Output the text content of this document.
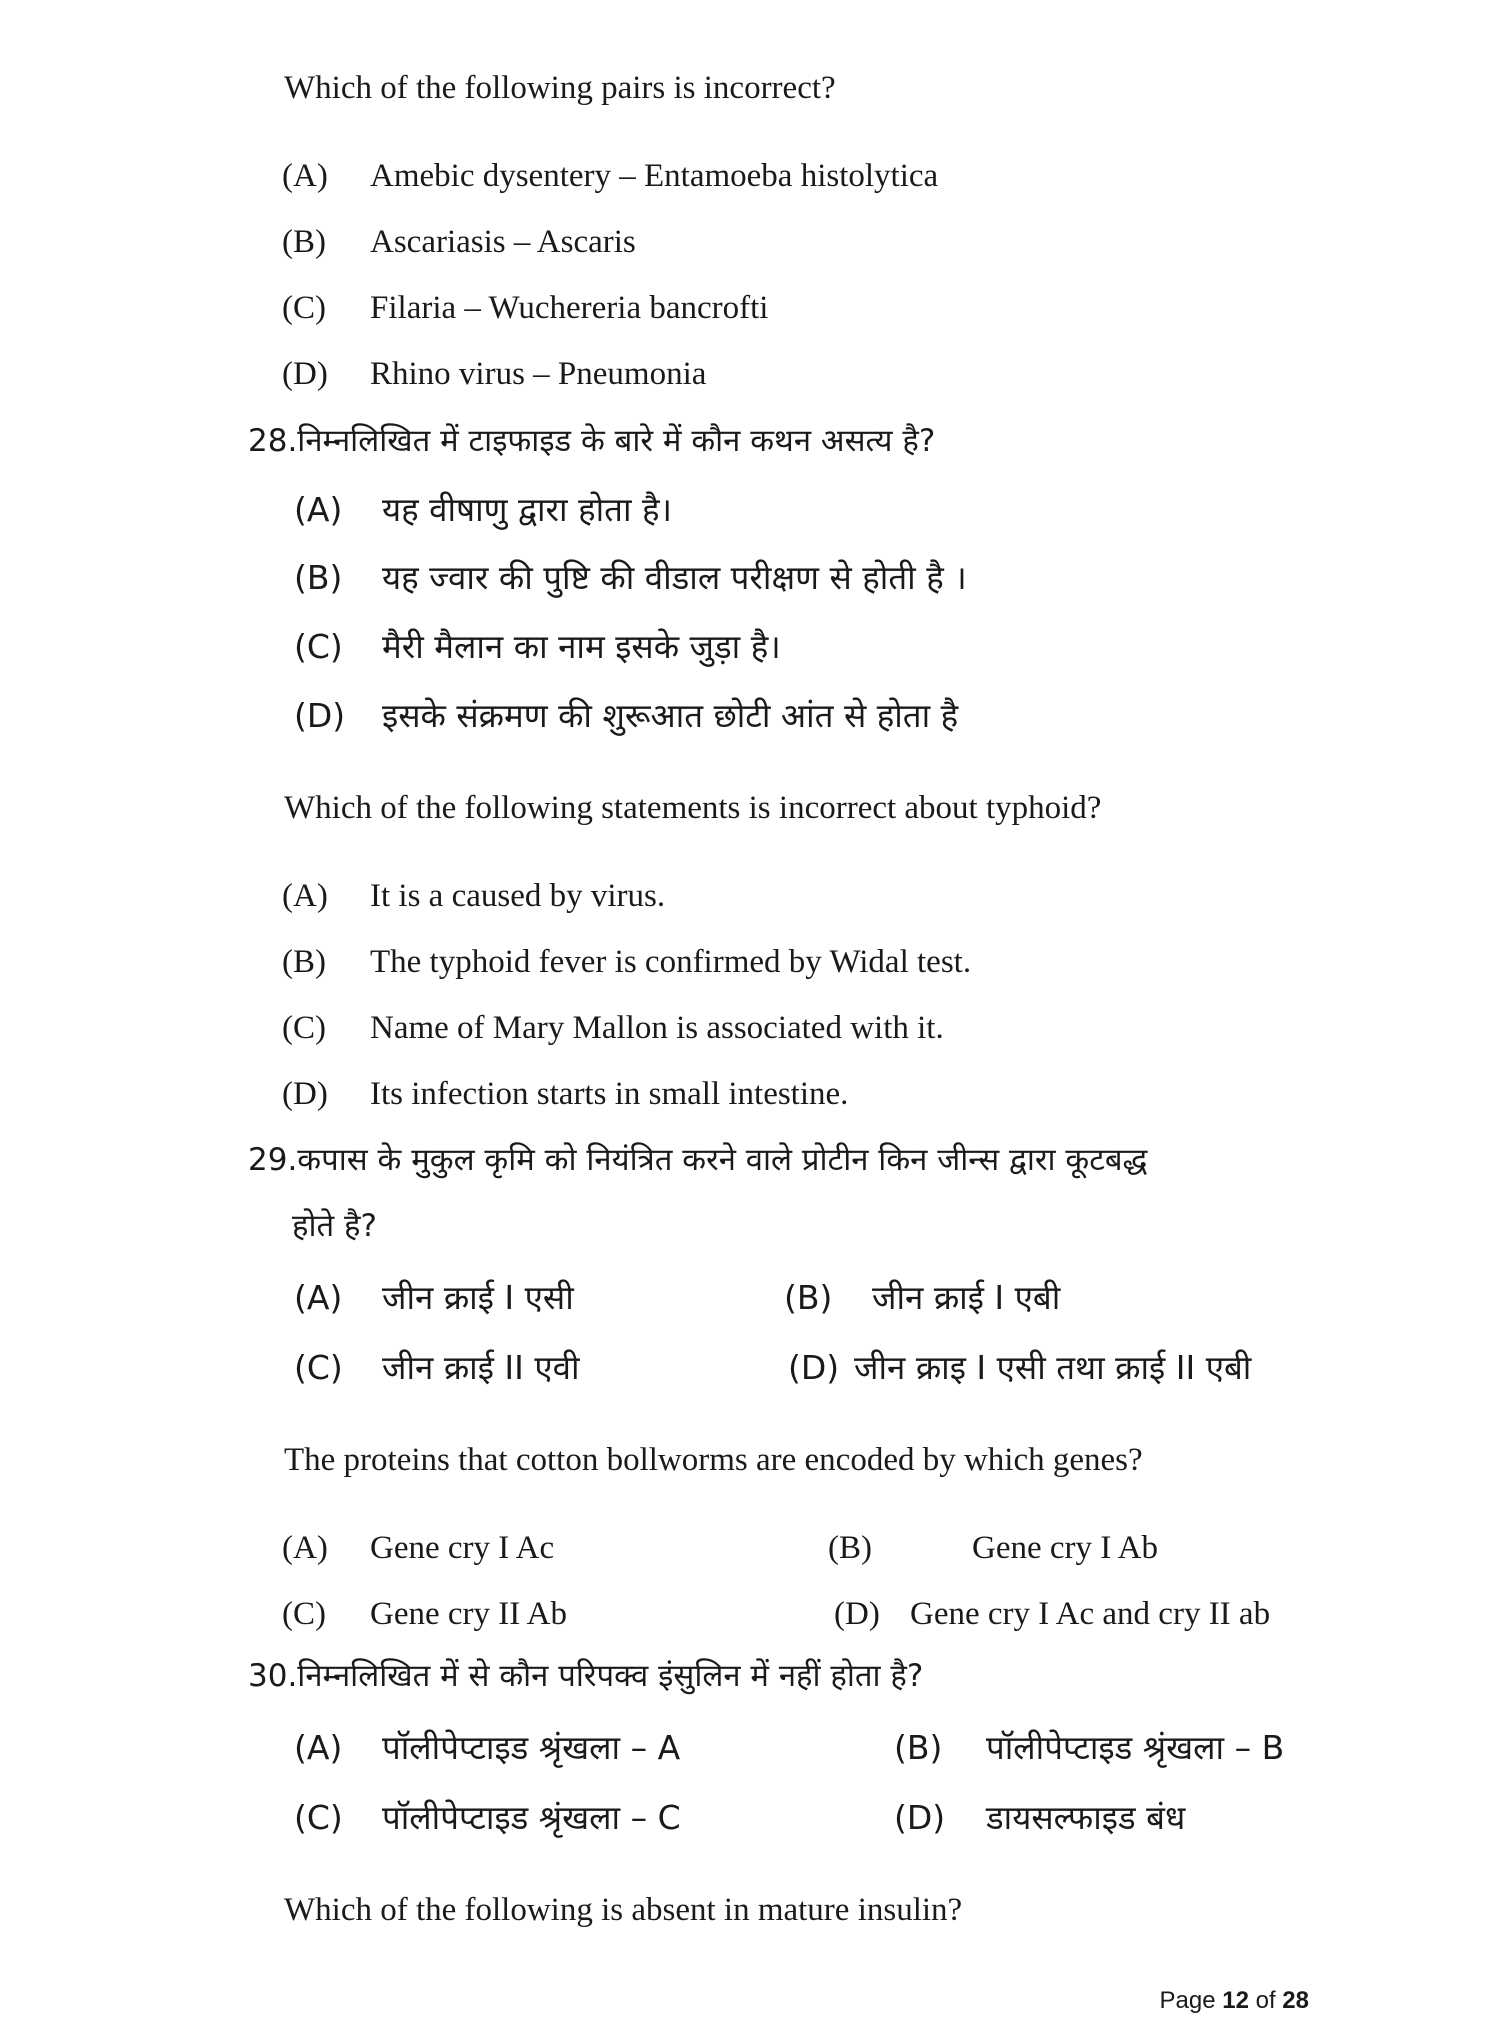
Which of the following pairs is incorrect?
(A) Amebic dysentery – Entamoeba histolytica
(B) Ascariasis – Ascaris
(C) Filaria – Wuchereria bancrofti
(D) Rhino virus – Pneumonia
28.निम्नलिखित में टाइफाइड के बारे में कौन कथन असत्य है?
(A) यह वीषाणु द्वारा होता है।
(B) यह ज्वार की पुष्टि की वीडाल परीक्षण से होती है ।
(C) मैरी मैलान का नाम इसके जुड़ा है।
(D) इसके संक्रमण की शुरूआत छोटी आंत से होता है
Which of the following statements is incorrect about typhoid?
(A) It is a caused by virus.
(B) The typhoid fever is confirmed by Widal test.
(C) Name of Mary Mallon is associated with it.
(D) Its infection starts in small intestine.
29.कपास के मुकुल कृमि को नियंत्रित करने वाले प्रोटीन किन जीन्स द्वारा कूटबद्ध
होते है?
(A) जीन क्राई I एसी	(B) जीन क्राई I एबी
(C) जीन क्राई II एवी	(D) जीन क्राइ I एसी तथा क्राई II एबी
The proteins that cotton bollworms are encoded by which genes?
(A) Gene cry I Ac	(B)	Gene cry I Ab
(C) Gene cry II Ab	(D) Gene cry I Ac and cry II ab
30.निम्नलिखित में से कौन परिपक्व इंसुलिन में नहीं होता है?
(A) पॉलीपेप्टाइड श्रृंखला – A	(B) पॉलीपेप्टाइड श्रृंखला – B
(C) पॉलीपेप्टाइड श्रृंखला – C	(D) डायसल्फाइड बंध
Which of the following is absent in mature insulin?
Page 12 of 28
